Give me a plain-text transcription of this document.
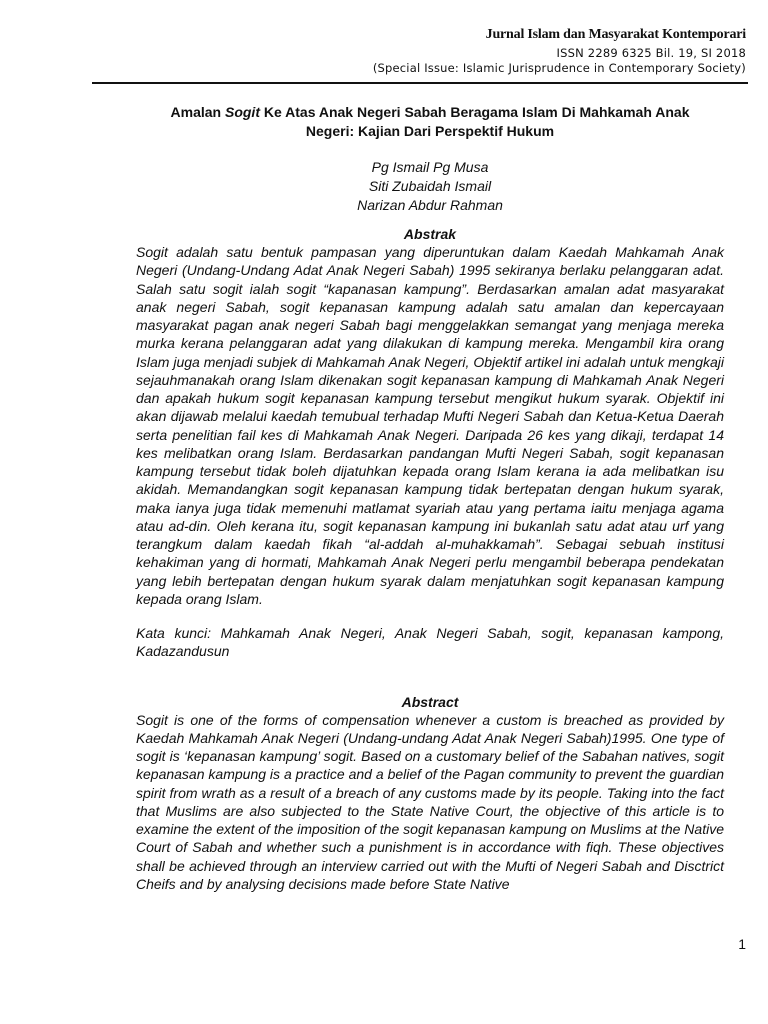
Jurnal Islam dan Masyarakat Kontemporari
ISSN 2289 6325 Bil. 19, SI 2018
(Special Issue: Islamic Jurisprudence in Contemporary Society)
Amalan Sogit Ke Atas Anak Negeri Sabah Beragama Islam Di Mahkamah Anak Negeri: Kajian Dari Perspektif Hukum
Pg Ismail Pg Musa
Siti Zubaidah Ismail
Narizan Abdur Rahman
Abstrak

Sogit adalah satu bentuk pampasan yang diperuntukan dalam Kaedah Mahkamah Anak Negeri (Undang-Undang Adat Anak Negeri Sabah) 1995 sekiranya berlaku pelanggaran adat. Salah satu sogit ialah sogit “kapanasan kampung”. Berdasarkan amalan adat masyarakat anak negeri Sabah, sogit kepanasan kampung adalah satu amalan dan kepercayaan masyarakat pagan anak negeri Sabah bagi menggelakkan semangat yang menjaga mereka murka kerana pelanggaran adat yang dilakukan di kampung mereka. Mengambil kira orang Islam juga menjadi subjek di Mahkamah Anak Negeri, Objektif artikel ini adalah untuk mengkaji sejauhmanakah orang Islam dikenakan sogit kepanasan kampung di Mahkamah Anak Negeri dan apakah hukum sogit kepanasan kampung tersebut mengikut hukum syarak. Objektif ini akan dijawab melalui kaedah temubual terhadap Mufti Negeri Sabah dan Ketua-Ketua Daerah serta penelitian fail kes di Mahkamah Anak Negeri. Daripada 26 kes yang dikaji, terdapat 14 kes melibatkan orang Islam. Berdasarkan pandangan Mufti Negeri Sabah, sogit kepanasan kampung tersebut tidak boleh dijatuhkan kepada orang Islam kerana ia ada melibatkan isu akidah. Memandangkan sogit kepanasan kampung tidak bertepatan dengan hukum syarak, maka ianya juga tidak memenuhi matlamat syariah atau yang pertama iaitu menjaga agama atau ad-din. Oleh kerana itu, sogit kepanasan kampung ini bukanlah satu adat atau urf yang terangkum dalam kaedah fikah “al-addah al-muhakkamah”. Sebagai sebuah institusi kehakiman yang di hormati, Mahkamah Anak Negeri perlu mengambil beberapa pendekatan yang lebih bertepatan dengan hukum syarak dalam menjatuhkan sogit kepanasan kampung kepada orang Islam.

Kata kunci: Mahkamah Anak Negeri, Anak Negeri Sabah, sogit, kepanasan kampong, Kadazandusun

Abstract

Sogit is one of the forms of compensation whenever a custom is breached as provided by Kaedah Mahkamah Anak Negeri (Undang-undang Adat Anak Negeri Sabah)1995. One type of sogit is ‘kepanasan kampung’ sogit. Based on a customary belief of the Sabahan natives, sogit kepanasan kampung is a practice and a belief of the Pagan community to prevent the guardian spirit from wrath as a result of a breach of any customs made by its people. Taking into the fact that Muslims are also subjected to the State Native Court, the objective of this article is to examine the extent of the imposition of the sogit kepanasan kampung on Muslims at the Native Court of Sabah and whether such a punishment is in accordance with fiqh. These objectives shall be achieved through an interview carried out with the Mufti of Negeri Sabah and Disctrict Cheifs and by analysing decisions made before State Native

1
